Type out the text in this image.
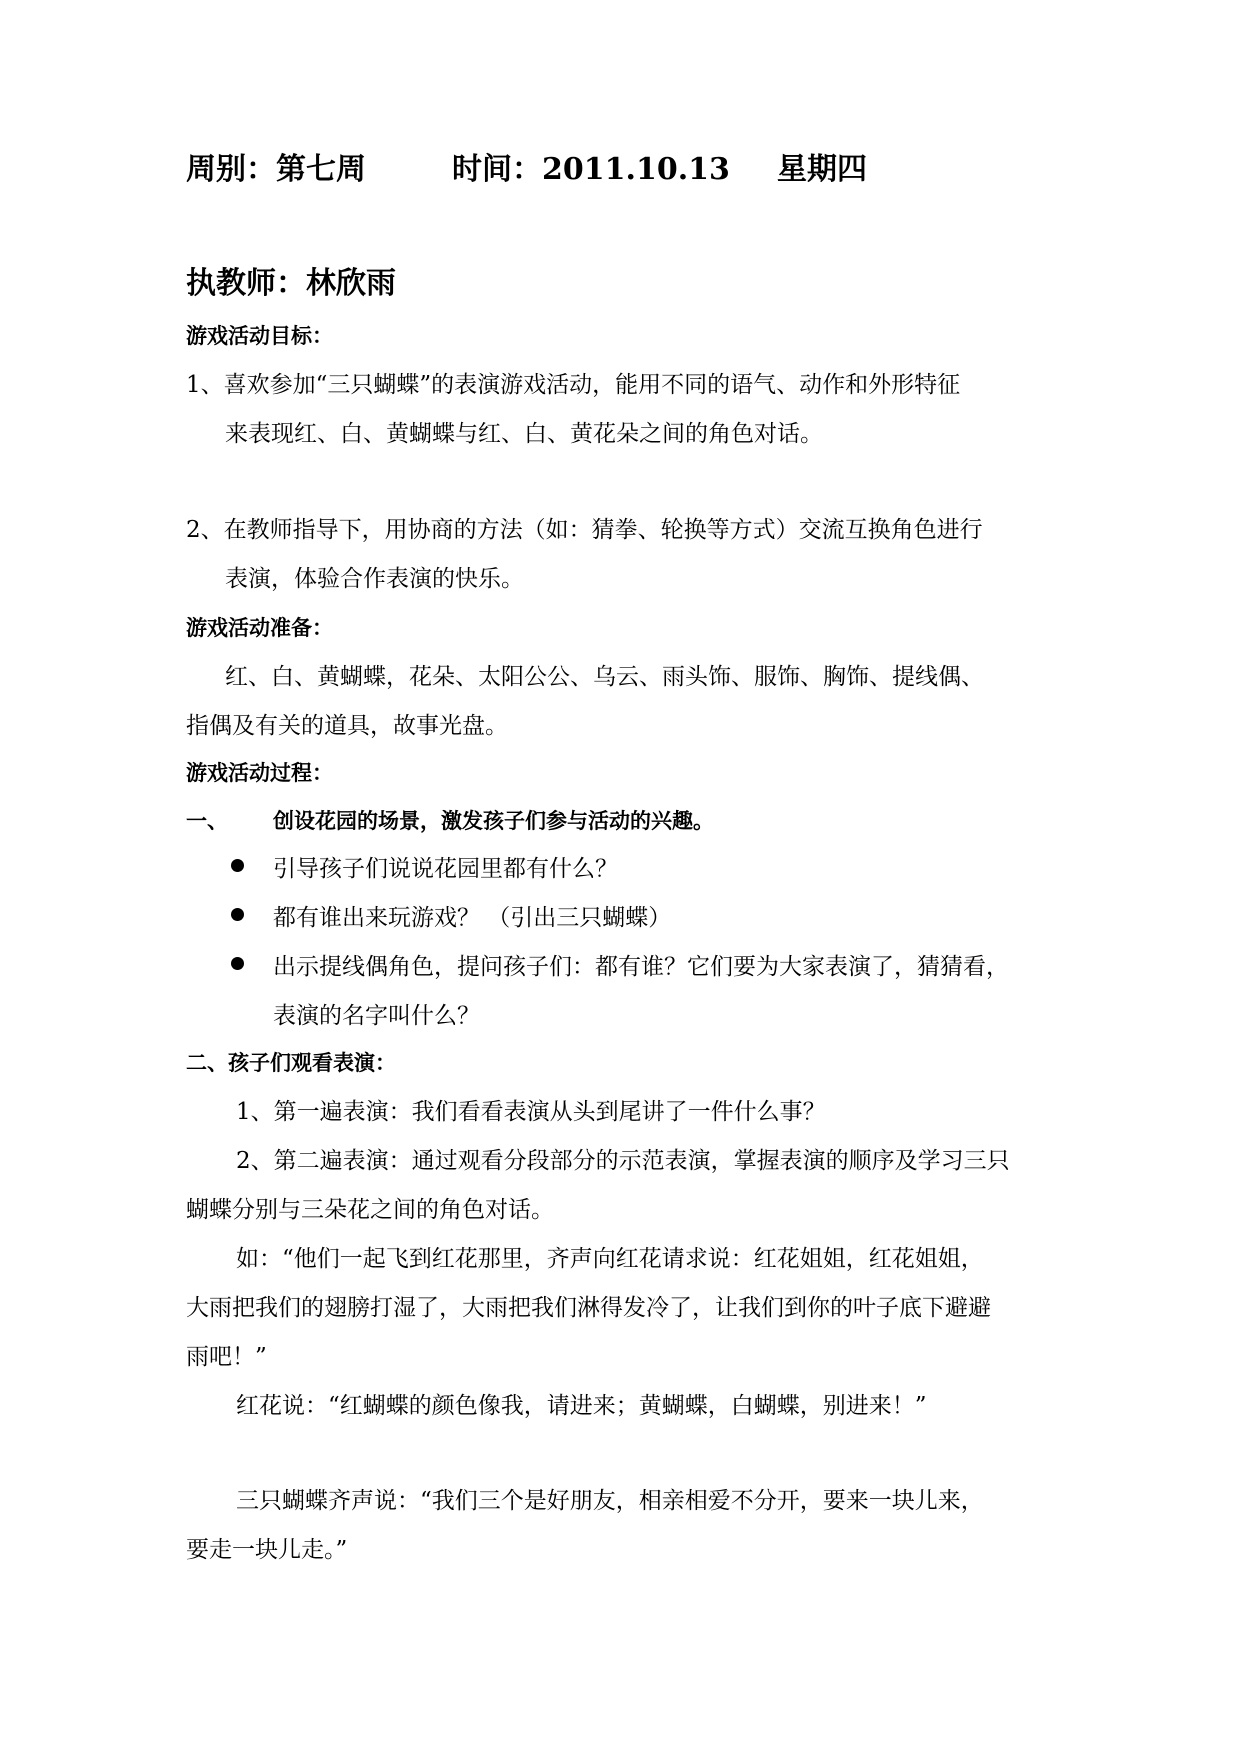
周别：第七周	时间：2011.10.13 星期四
执教师：林欣雨
游戏活动目标：
1、喜欢参加“三只蝴蝶”的表演游戏活动，能用不同的语气、动作和外形特征
来表现红、白、黄蝴蝶与红、白、黄花朵之间的角色对话。
2、在教师指导下，用协商的方法（如：猜拳、轮换等方式）交流互换角色进行
表演，体验合作表演的快乐。
游戏活动准备：
红、白、黄蝴蝶，花朵、太阳公公、乌云、雨头饰、服饰、胸饰、提线偶、
指偶及有关的道具，故事光盘。
游戏活动过程：
一、 创设花园的场景，激发孩子们参与活动的兴趣。
引导孩子们说说花园里都有什么？
都有谁出来玩游戏？ （引出三只蝴蝶）
出示提线偶角色，提问孩子们：都有谁？它们要为大家表演了，猜猜看，
表演的名字叫什么？
二、孩子们观看表演：
1、第一遍表演：我们看看表演从头到尾讲了一件什么事？
2、第二遍表演：通过观看分段部分的示范表演，掌握表演的顺序及学习三只
蝴蝶分别与三朵花之间的角色对话。
如：“他们一起飞到红花那里，齐声向红花请求说：红花姐姐，红花姐姐，
大雨把我们的翅膀打湿了，大雨把我们淋得发冷了，让我们到你的叶子底下避避
雨吧！”
红花说：“红蝴蝶的颜色像我，请进来；黄蝴蝶，白蝴蝶，别进来！”
三只蝴蝶齐声说：“我们三个是好朋友，相亲相爱不分开，要来一块儿来，
要走一块儿走。”
